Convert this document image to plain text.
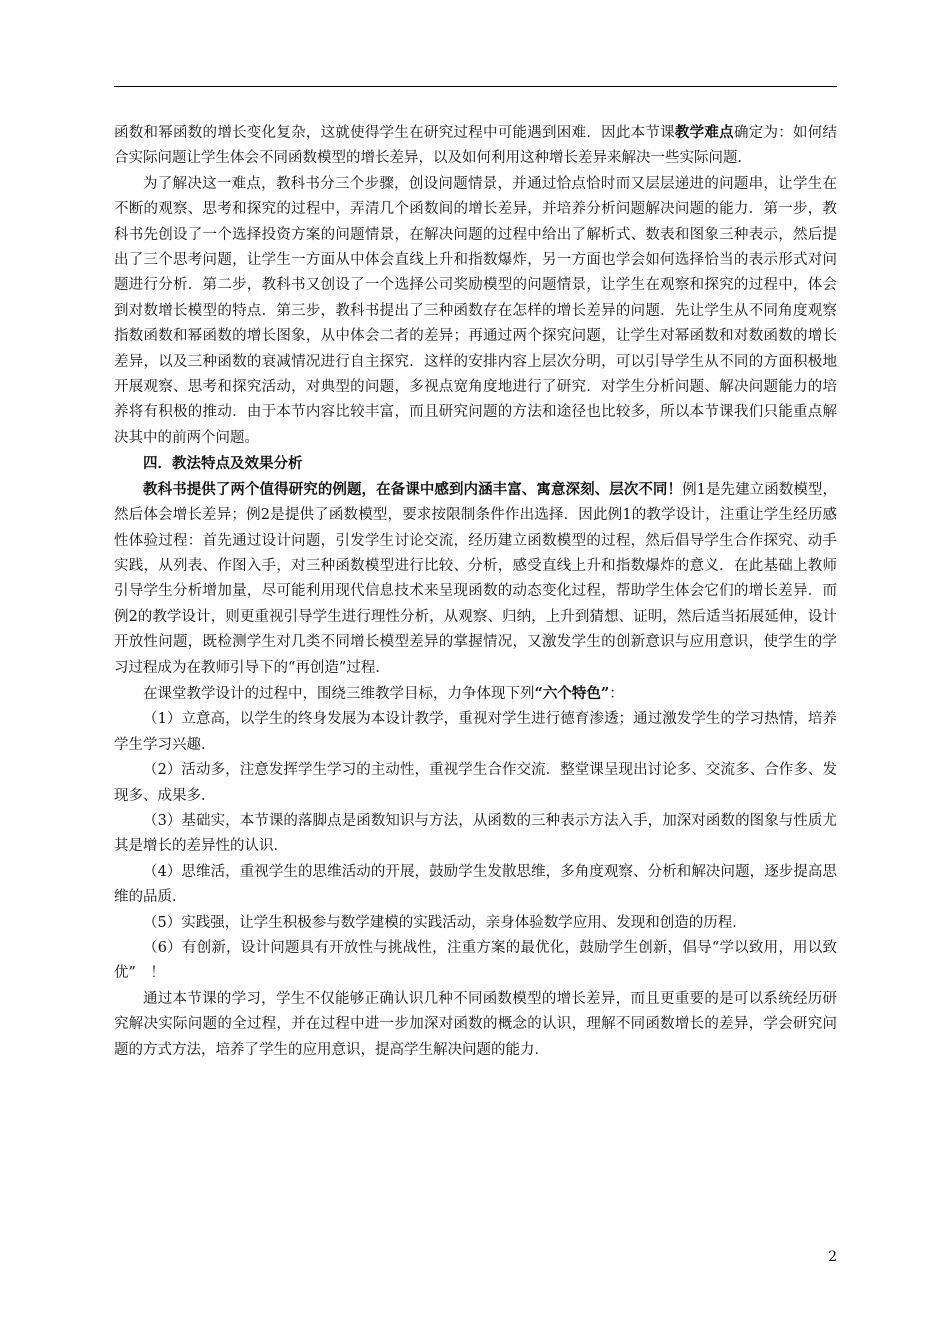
函数和幂函数的增长变化复杂，这就使得学生在研究过程中可能遇到困难．因此本节课教学难点确定为：如何结合实际问题让学生体会不同函数模型的增长差异，以及如何利用这种增长差异来解决一些实际问题．

为了解决这一难点，教科书分三个步骤，创设问题情景，并通过恰点恰时而又层层递进的问题串，让学生在不断的观察、思考和探究的过程中，弄清几个函数间的增长差异，并培养分析问题解决问题的能力．第一步，教科书先创设了一个选择投资方案的问题情景，在解决问题的过程中给出了解析式、数表和图象三种表示，然后提出了三个思考问题，让学生一方面从中体会直线上升和指数爆炸，另一方面也学会如何选择恰当的表示形式对问题进行分析．第二步，教科书又创设了一个选择公司奖励模型的问题情景，让学生在观察和探究的过程中，体会到对数增长模型的特点．第三步，教科书提出了三种函数存在怎样的增长差异的问题．先让学生从不同角度观察指数函数和幂函数的增长图象，从中体会二者的差异；再通过两个探究问题，让学生对幂函数和对数函数的增长差异，以及三种函数的衰减情况进行自主探究．这样的安排内容上层次分明，可以引导学生从不同的方面积极地开展观察、思考和探究活动，对典型的问题，多视点宽角度地进行了研究．对学生分析问题、解决问题能力的培养将有积极的推动．由于本节内容比较丰富，而且研究问题的方法和途径也比较多，所以本节课我们只能重点解决其中的前两个问题。

四．教法特点及效果分析

教科书提供了两个值得研究的例题，在备课中感到内涵丰富、寓意深刻、层次不同！例1是先建立函数模型，然后体会增长差异；例2是提供了函数模型，要求按限制条件作出选择．因此例1的教学设计，注重让学生经历感性体验过程：首先通过设计问题，引发学生讨论交流，经历建立函数模型的过程，然后倡导学生合作探究、动手实践，从列表、作图入手，对三种函数模型进行比较、分析，感受直线上升和指数爆炸的意义．在此基础上教师引导学生分析增加量，尽可能利用现代信息技术来呈现函数的动态变化过程，帮助学生体会它们的增长差异．而例2的教学设计，则更重视引导学生进行理性分析，从观察、归纳，上升到猜想、证明，然后适当拓展延伸，设计开放性问题，既检测学生对几类不同增长模型差异的掌握情况，又激发学生的创新意识与应用意识，使学生的学习过程成为在教师引导下的“再创造”过程．

在课堂教学设计的过程中，围绕三维教学目标，力争体现下列“六个特色”：

（1）立意高，以学生的终身发展为本设计教学，重视对学生进行德育渗透；通过激发学生的学习热情，培养学生学习兴趣．

（2）活动多，注意发挥学生学习的主动性，重视学生合作交流．整堂课呈现出讨论多、交流多、合作多、发现多、成果多．

（3）基础实，本节课的落脚点是函数知识与方法，从函数的三种表示方法入手，加深对函数的图象与性质尤其是增长的差异性的认识．

（4）思维活，重视学生的思维活动的开展，鼓励学生发散思维，多角度观察、分析和解决问题，逐步提高思维的品质．

（5）实践强，让学生积极参与数学建模的实践活动，亲身体验数学应用、发现和创造的历程．

（6）有创新，设计问题具有开放性与挑战性，注重方案的最优化，鼓励学生创新，倡导“学以致用，用以致优”　！

通过本节课的学习，学生不仅能够正确认识几种不同函数模型的增长差异，而且更重要的是可以系统经历研究解决实际问题的全过程，并在过程中进一步加深对函数的概念的认识，理解不同函数增长的差异，学会研究问题的方式方法，培养了学生的应用意识，提高学生解决问题的能力．

2
